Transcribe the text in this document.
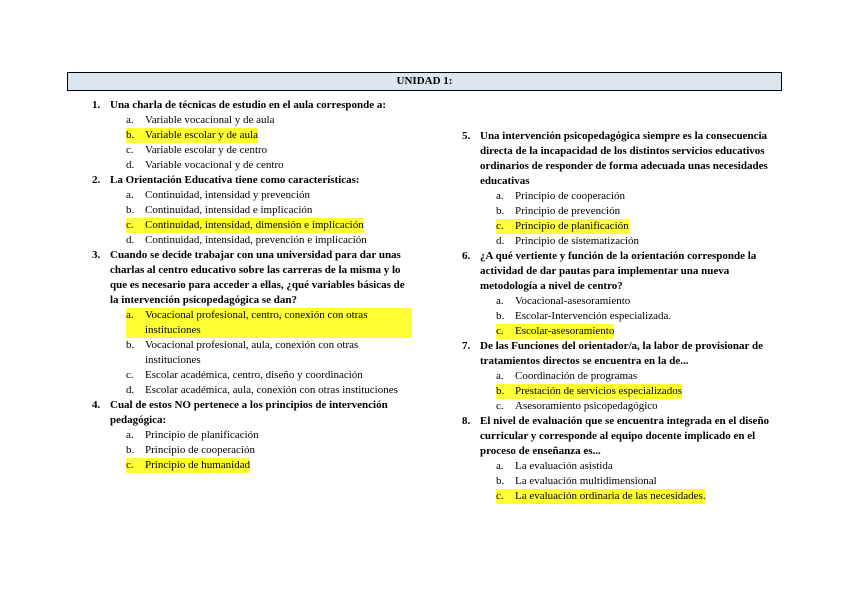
UNIDAD 1:
1. Una charla de técnicas de estudio en el aula corresponde a:
a.	Variable vocacional y de aula
b. Variable escolar y de aula
c.	Variable escolar y de centro
d. Variable vocacional y de centro
2. La Orientación Educativa tiene como características:
a.	Continuidad, intensidad y prevención
b. Continuidad, intensidad e implicación
c.	Continuidad, intensidad, dimensión e implicación
d. Continuidad, intensidad, prevención e implicación
3. Cuando se decide trabajar con una universidad para dar unas charlas al centro educativo sobre las carreras de la misma y lo que es necesario para acceder a ellas, ¿qué variables básicas de la intervención psicopedagógica se dan?
a.	Vocacional profesional, centro, conexión con otras instituciones
b. Vocacional profesional, aula, conexión con otras instituciones
c.	Escolar académica, centro, diseño y coordinación
d. Escolar académica, aula, conexión con otras instituciones
4. Cual de estos NO pertenece a los principios de intervención pedagógica:
a.	Principio de planificación
b. Principio de cooperación
c.	Principio de humanidad
5. Una intervención psicopedagógica siempre es la consecuencia directa de la incapacidad de los distintos servicios educativos ordinarios de responder de forma adecuada unas necesidades educativas
a.	Principio de cooperación
b. Principio de prevención
c.	Principio de planificación
d. Principio de sistematización
6. ¿A qué vertiente y función de la orientación corresponde la actividad de dar pautas para implementar una nueva metodología a nivel de centro?
a.	Vocacional-asesoramiento
b. Escolar-Intervención especializada.
c.	Escolar-asesoramiento
7. De las Funciones del orientador/a, la labor de provisionar de tratamientos directos se encuentra en la de...
a.	Coordinación de programas
b. Prestación de servicios especializados
c.	Asesoramiento psicopedagógico
8. El nivel de evaluación que se encuentra integrada en el diseño curricular y corresponde al equipo docente implicado en el proceso de enseñanza es...
a.	La evaluación asistida
b. La evaluación multidimensional
c.	La evaluación ordinaria de las necesidades.
